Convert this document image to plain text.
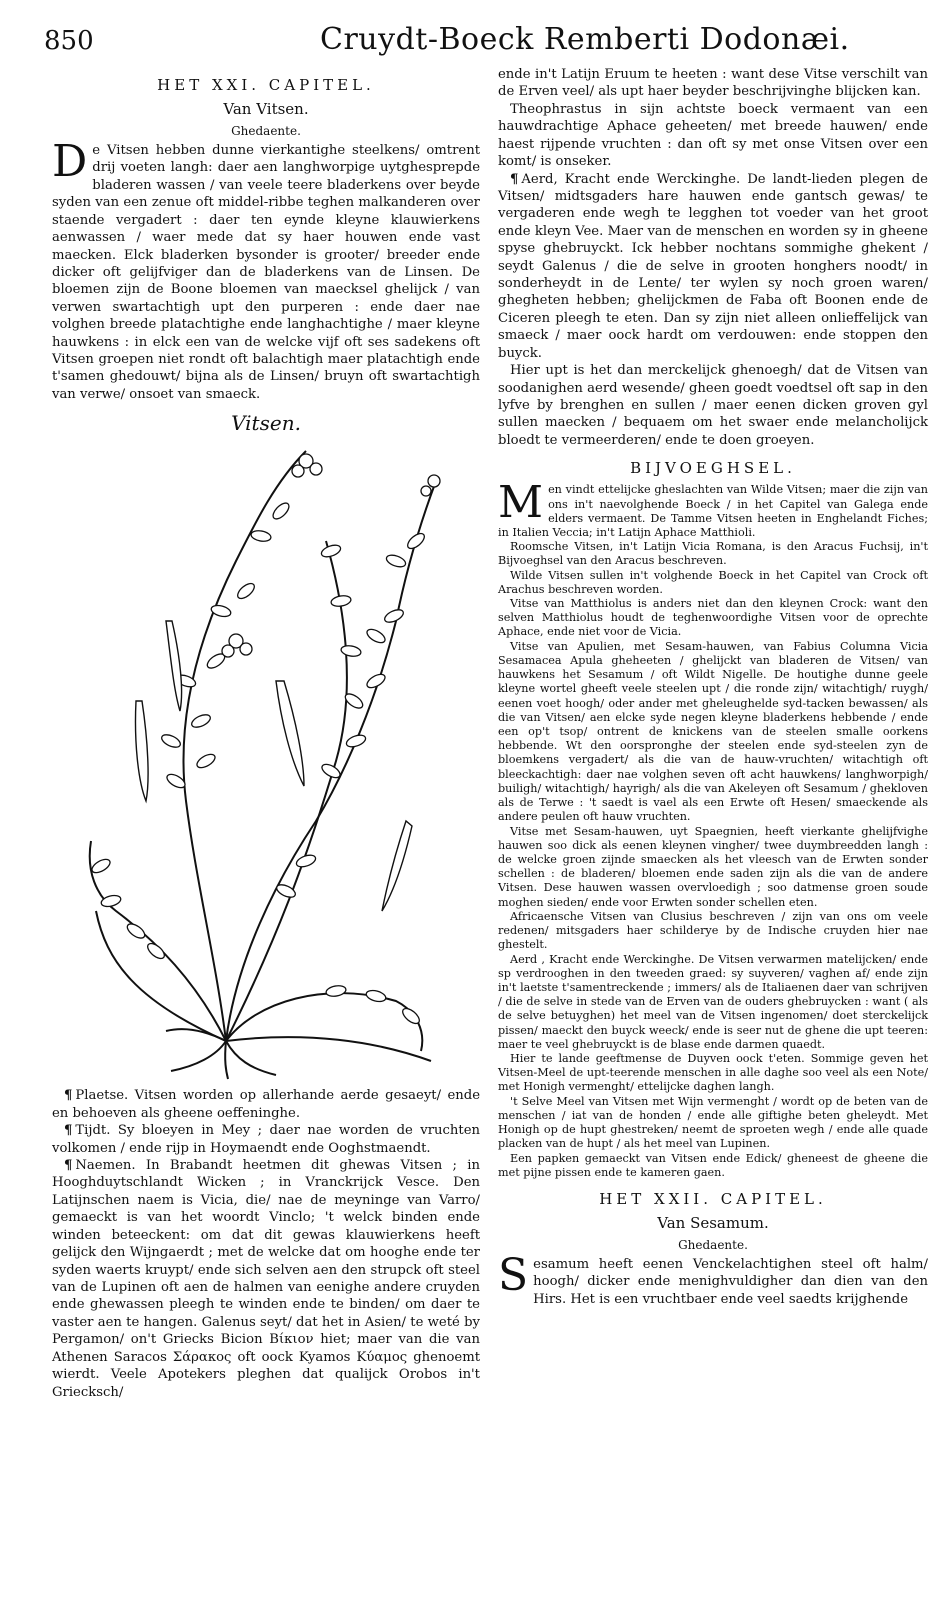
850	Cruydt-Boeck Remberti Dodonæi.
HET XXI. CAPITEL.
Van Vitsen.
Ghedaente.

De Vitsen hebben dunne vierkantighe steelkens/ omtrent drij voeten langh: daer aen langhworpige uytghesprepde bladeren wassen / van veele teere bladerkens over beyde syden van een zenue oft middel-ribbe teghen malkanderen over staende vergadert : daer ten eynde kleyne klauwierkens aenwassen / waer mede dat sy haer houwen ende vast maecken. Elck bladerken bysonder is grooter/ breeder ende dicker oft gelijfviger dan de bladerkens van de Linsen. De bloemen zijn de Boone bloemen van maecksel ghelijck / van verwen swartachtigh upt den purperen : ende daer nae volghen breede platachtighe ende langhachtighe / maer kleyne hauwkens : in elck een van de welcke vijf oft ses sadekens oft Vitsen groepen niet rondt oft balachtigh maer platachtigh ende t'samen ghedouwt/ bijna als de Linsen/ bruyn oft swartachtigh van verwe/ onsoet van smaeck.

Vitsen.

¶ Plaetse. Vitsen worden op allerhande aerde gesaeyt/ ende en behoeven als gheene oeffeninghe.

¶ Tijdt. Sy bloeyen in Mey ; daer nae worden de vruchten volkomen / ende rijp in Hoymaendt ende Ooghstmaendt.

¶ Naemen. In Brabandt heetmen dit ghewas Vitsen ; in Hooghduytschlandt Wicken ; in Vranckrijck Vesce. Den Latijnschen naem is Vicia, die/ nae de meyninge van Varro/ gemaeckt is van het woordt Vinclo; 't welck binden ende winden beteeckent: om dat dit gewas klauwierkens heeft gelijck den Wijngaerdt ; met de welcke dat om hooghe ende ter syden waerts kruypt/ ende sich selven aen den strupck oft steel van de Lupinen oft aen de halmen van eenighe andere cruyden ende ghewassen pleegh te winden ende te binden/ om daer te vaster aen te hangen. Galenus seyt/ dat het in Asien/ te weté by Pergamon/ on't Griecks Bicion Βίκιον hiet; maer van die van Athenen Saracos Σάρακος oft oock Kyamos Κύαμος ghenoemt wierdt. Veele Apotekers pleghen dat qualijck Orobos in't Griecksch/

ende in't Latijn Eruum te heeten : want dese Vitse verschilt van de Erven veel/ als upt haer beyder beschrijvinghe blijcken kan.

Theophrastus in sijn achtste boeck vermaent van een hauwdrachtige Aphace geheeten/ met breede hauwen/ ende haest rijpende vruchten : dan oft sy met onse Vitsen over een komt/ is onseker.

¶ Aerd, Kracht ende Werckinghe. De landt-lieden plegen de Vitsen/ midtsgaders hare hauwen ende gantsch gewas/ te vergaderen ende wegh te legghen tot voeder van het groot ende kleyn Vee. Maer van de menschen en worden sy in gheene spyse ghebruyckt. Ick hebber nochtans sommighe ghekent / seydt Galenus / die de selve in grooten honghers noodt/ in sonderheydt in de Lente/ ter wylen sy noch groen waren/ ghegheten hebben; ghelijckmen de Faba oft Boonen ende de Ciceren pleegh te eten. Dan sy zijn niet alleen onlieffelijck van smaeck / maer oock hardt om verdouwen: ende stoppen den buyck.

Hier upt is het dan merckelijck ghenoegh/ dat de Vitsen van soodanighen aerd wesende/ gheen goedt voedtsel oft sap in den lyfve by brenghen en sullen / maer eenen dicken groven gyl sullen maecken / bequaem om het swaer ende melancholijck bloedt te vermeerderen/ ende te doen groeyen.

BIJVOEGHSEL.

Men vindt ettelijcke gheslachten van Wilde Vitsen; maer die zijn van ons in't naevolghende Boeck / in het Capitel van Galega ende elders vermaent. De Tamme Vitsen heeten in Enghelandt Fiches; in Italien Veccia; in't Latijn Aphace Matthioli.

Roomsche Vitsen, in't Latijn Vicia Romana, is den Aracus Fuchsij, in't Bijvoeghsel van den Aracus beschreven.

Wilde Vitsen sullen in't volghende Boeck in het Capitel van Crock oft Arachus beschreven worden.

Vitse van Matthiolus is anders niet dan den kleynen Crock: want den selven Matthiolus houdt de teghenwoordighe Vitsen voor de oprechte Aphace, ende niet voor de Vicia.

Vitse van Apulien, met Sesam-hauwen, van Fabius Columna Vicia Sesamacea Apula gheheeten / ghelijckt van bladeren de Vitsen/ van hauwkens het Sesamum / oft Wildt Nigelle. De houtighe dunne geele kleyne wortel gheeft veele steelen upt / die ronde zijn/ witachtigh/ ruygh/ eenen voet hoogh/ oder ander met gheleughelde syd-tacken bewassen/ als die van Vitsen/ aen elcke syde negen kleyne bladerkens hebbende / ende een op't tsop/ ontrent de knickens van de steelen smalle oorkens hebbende. Wt den oorspronghe der steelen ende syd-steelen zyn de bloemkens vergadert/ als die van de hauw-vruchten/ witachtigh oft bleeckachtigh: daer nae volghen seven oft acht hauwkens/ langhworpigh/ builigh/ witachtigh/ hayrigh/ als die van Akeleyen oft Sesamum / ghekloven als de Terwe : 't saedt is vael als een Erwte oft Hesen/ smaeckende als andere peulen oft hauw vruchten.

Vitse met Sesam-hauwen, uyt Spaegnien, heeft vierkante ghelijfvighe hauwen soo dick als eenen kleynen vingher/ twee duymbreedden langh : de welcke groen zijnde smaecken als het vleesch van de Erwten sonder schellen : de bladeren/ bloemen ende saden zijn als die van de andere Vitsen. Dese hauwen wassen overvloedigh ; soo datmense groen soude moghen sieden/ ende voor Erwten sonder schellen eten.

Africaensche Vitsen van Clusius beschreven / zijn van ons om veele redenen/ mitsgaders haer schilderye by de Indische cruyden hier nae ghestelt.

Aerd , Kracht ende Werckinghe. De Vitsen verwarmen matelijcken/ ende sp verdrooghen in den tweeden graed: sy suyveren/ vaghen af/ ende zijn in't laetste t'samentreckende ; immers/ als de Italiaenen daer van schrijven / die de selve in stede van de Erven van de ouders ghebruycken : want ( als de selve betuyghen) het meel van de Vitsen ingenomen/ doet sterckelijck pissen/ maeckt den buyck weeck/ ende is seer nut de ghene die upt teeren: maer te veel ghebruyckt is de blase ende darmen quaedt.

Hier te lande geeftmense de Duyven oock t'eten. Sommige geven het Vitsen-Meel de upt-teerende menschen in alle daghe soo veel als een Note/ met Honigh vermenght/ ettelijcke daghen langh.

't Selve Meel van Vitsen met Wijn vermenght / wordt op de beten van de menschen / iat van de honden / ende alle giftighe beten gheleydt. Met Honigh op de hupt ghestreken/ neemt de sproeten wegh / ende alle quade placken van de hupt / als het meel van Lupinen.

Een papken gemaeckt van Vitsen ende Edick/ gheneest de gheene die met pijne pissen ende te kameren gaen.

HET XXII. CAPITEL.
Van Sesamum.
Ghedaente.

Sesamum heeft eenen Venckelachtighen steel oft halm/ hoogh/ dicker ende menighvuldigher dan dien van den Hirs. Het is een vruchtbaer ende veel saedts krijghende
